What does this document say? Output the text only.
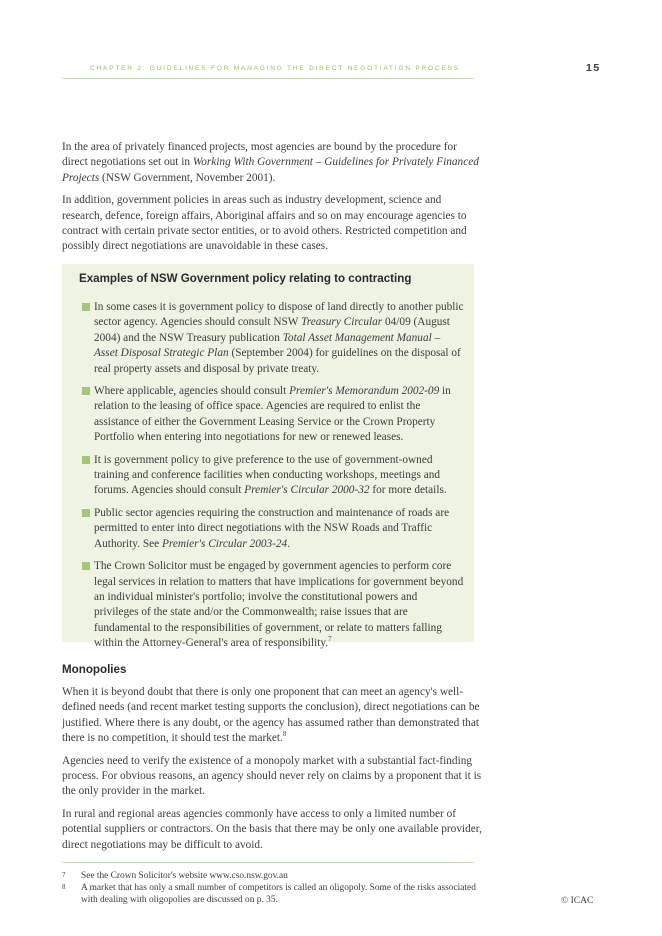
CHAPTER 2: GUIDELINES FOR MANAGING THE DIRECT NEGOTIATION PROCESS	15

In the area of privately financed projects, most agencies are bound by the procedure for direct negotiations set out in Working With Government – Guidelines for Privately Financed Projects (NSW Government, November 2001).

In addition, government policies in areas such as industry development, science and research, defence, foreign affairs, Aboriginal affairs and so on may encourage agencies to contract with certain private sector entities, or to avoid others. Restricted competition and possibly direct negotiations are unavoidable in these cases.

Examples of NSW Government policy relating to contracting
In some cases it is government policy to dispose of land directly to another public sector agency. Agencies should consult NSW Treasury Circular 04/09 (August 2004) and the NSW Treasury publication Total Asset Management Manual – Asset Disposal Strategic Plan (September 2004) for guidelines on the disposal of real property assets and disposal by private treaty.
Where applicable, agencies should consult Premier's Memorandum 2002-09 in relation to the leasing of office space. Agencies are required to enlist the assistance of either the Government Leasing Service or the Crown Property Portfolio when entering into negotiations for new or renewed leases.
It is government policy to give preference to the use of government-owned training and conference facilities when conducting workshops, meetings and forums. Agencies should consult Premier's Circular 2000-32 for more details.
Public sector agencies requiring the construction and maintenance of roads are permitted to enter into direct negotiations with the NSW Roads and Traffic Authority. See Premier's Circular 2003-24.
The Crown Solicitor must be engaged by government agencies to perform core legal services in relation to matters that have implications for government beyond an individual minister's portfolio; involve the constitutional powers and privileges of the state and/or the Commonwealth; raise issues that are fundamental to the responsibilities of government, or relate to matters falling within the Attorney-General's area of responsibility.$^7$
Monopolies

When it is beyond doubt that there is only one proponent that can meet an agency's well-defined needs (and recent market testing supports the conclusion), direct negotiations can be justified. Where there is any doubt, or the agency has assumed rather than demonstrated that there is no competition, it should test the market.$^8$

Agencies need to verify the existence of a monopoly market with a substantial fact-finding process. For obvious reasons, an agency should never rely on claims by a proponent that it is the only provider in the market.

In rural and regional areas agencies commonly have access to only a limited number of potential suppliers or contractors. On the basis that there may be only one available provider, direct negotiations may be difficult to avoid.

7 See the Crown Solicitor's website www.cso.nsw.gov.au
8 A market that has only a small number of competitors is called an oligopoly. Some of the risks associated with dealing with oligopolies are discussed on p. 35.	© ICAC
